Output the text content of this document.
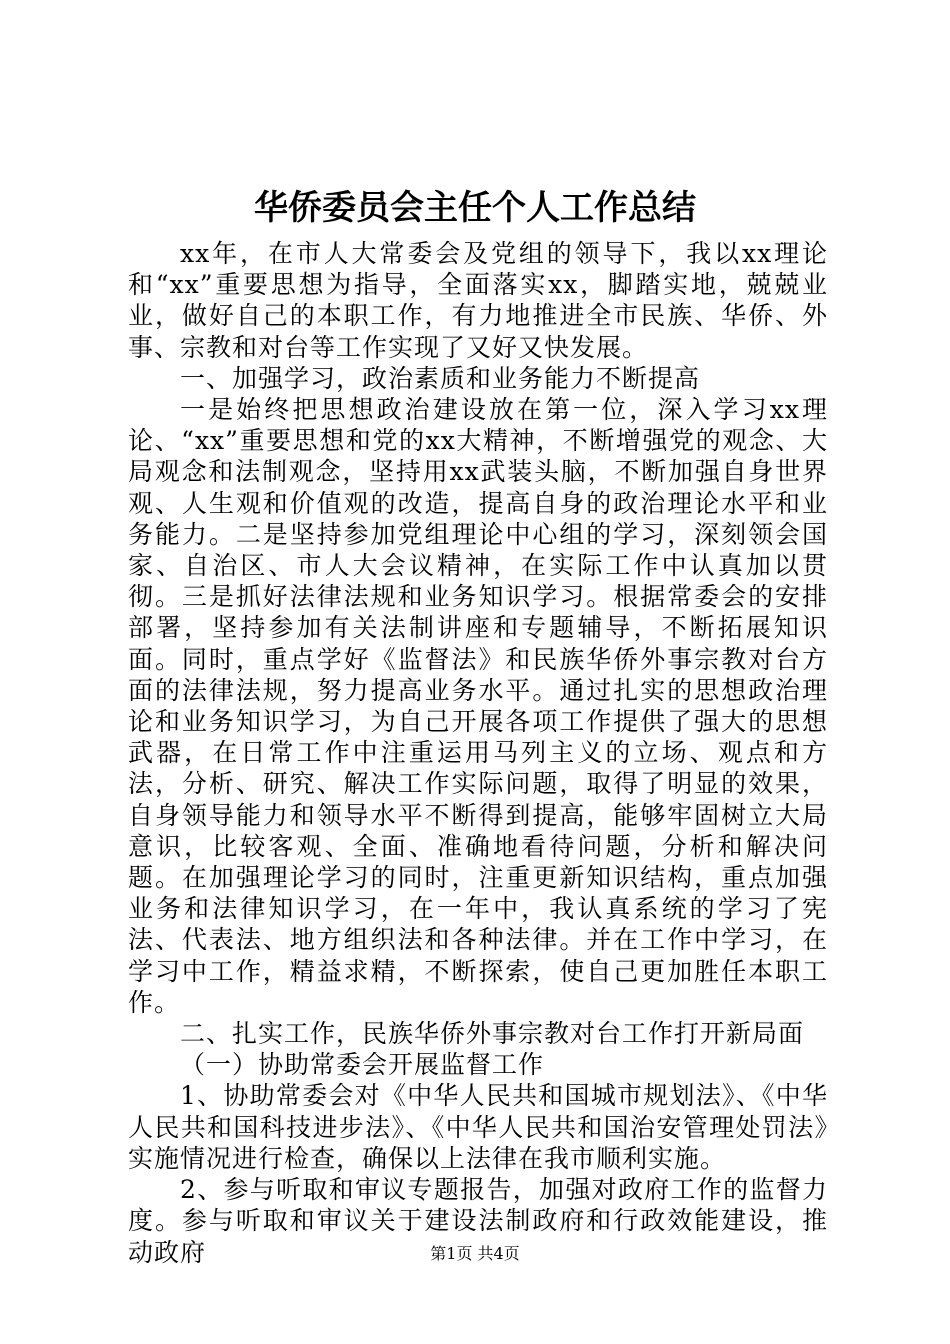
华侨委员会主任个人工作总结

xx年，在市人大常委会及党组的领导下，我以xx理论和“xx”重要思想为指导，全面落实xx，脚踏实地，兢兢业业，做好自己的本职工作，有力地推进全市民族、华侨、外事、宗教和对台等工作实现了又好又快发展。

一、加强学习，政治素质和业务能力不断提高

一是始终把思想政治建设放在第一位，深入学习xx理论、“xx”重要思想和党的xx大精神，不断增强党的观念、大局观念和法制观念，坚持用xx武装头脑，不断加强自身世界观、人生观和价值观的改造，提高自身的政治理论水平和业务能力。二是坚持参加党组理论中心组的学习，深刻领会国家、自治区、市人大会议精神，在实际工作中认真加以贯彻。三是抓好法律法规和业务知识学习。根据常委会的安排部署，坚持参加有关法制讲座和专题辅导，不断拓展知识面。同时，重点学好《监督法》和民族华侨外事宗教对台方面的法律法规，努力提高业务水平。通过扎实的思想政治理论和业务知识学习，为自己开展各项工作提供了强大的思想武器，在日常工作中注重运用马列主义的立场、观点和方法，分析、研究、解决工作实际问题，取得了明显的效果，自身领导能力和领导水平不断得到提高，能够牢固树立大局意识，比较客观、全面、准确地看待问题，分析和解决问题。在加强理论学习的同时，注重更新知识结构，重点加强业务和法律知识学习，在一年中，我认真系统的学习了宪法、代表法、地方组织法和各种法律。并在工作中学习，在学习中工作，精益求精，不断探索，使自己更加胜任本职工作。

二、扎实工作，民族华侨外事宗教对台工作打开新局面

（一）协助常委会开展监督工作

1、协助常委会对《中华人民共和国城市规划法》、《中华人民共和国科技进步法》、《中华人民共和国治安管理处罚法》实施情况进行检查，确保以上法律在我市顺利实施。

2、参与听取和审议专题报告，加强对政府工作的监督力度。参与听取和审议关于建设法制政府和行政效能建设，推动政府	第1页 共4页
